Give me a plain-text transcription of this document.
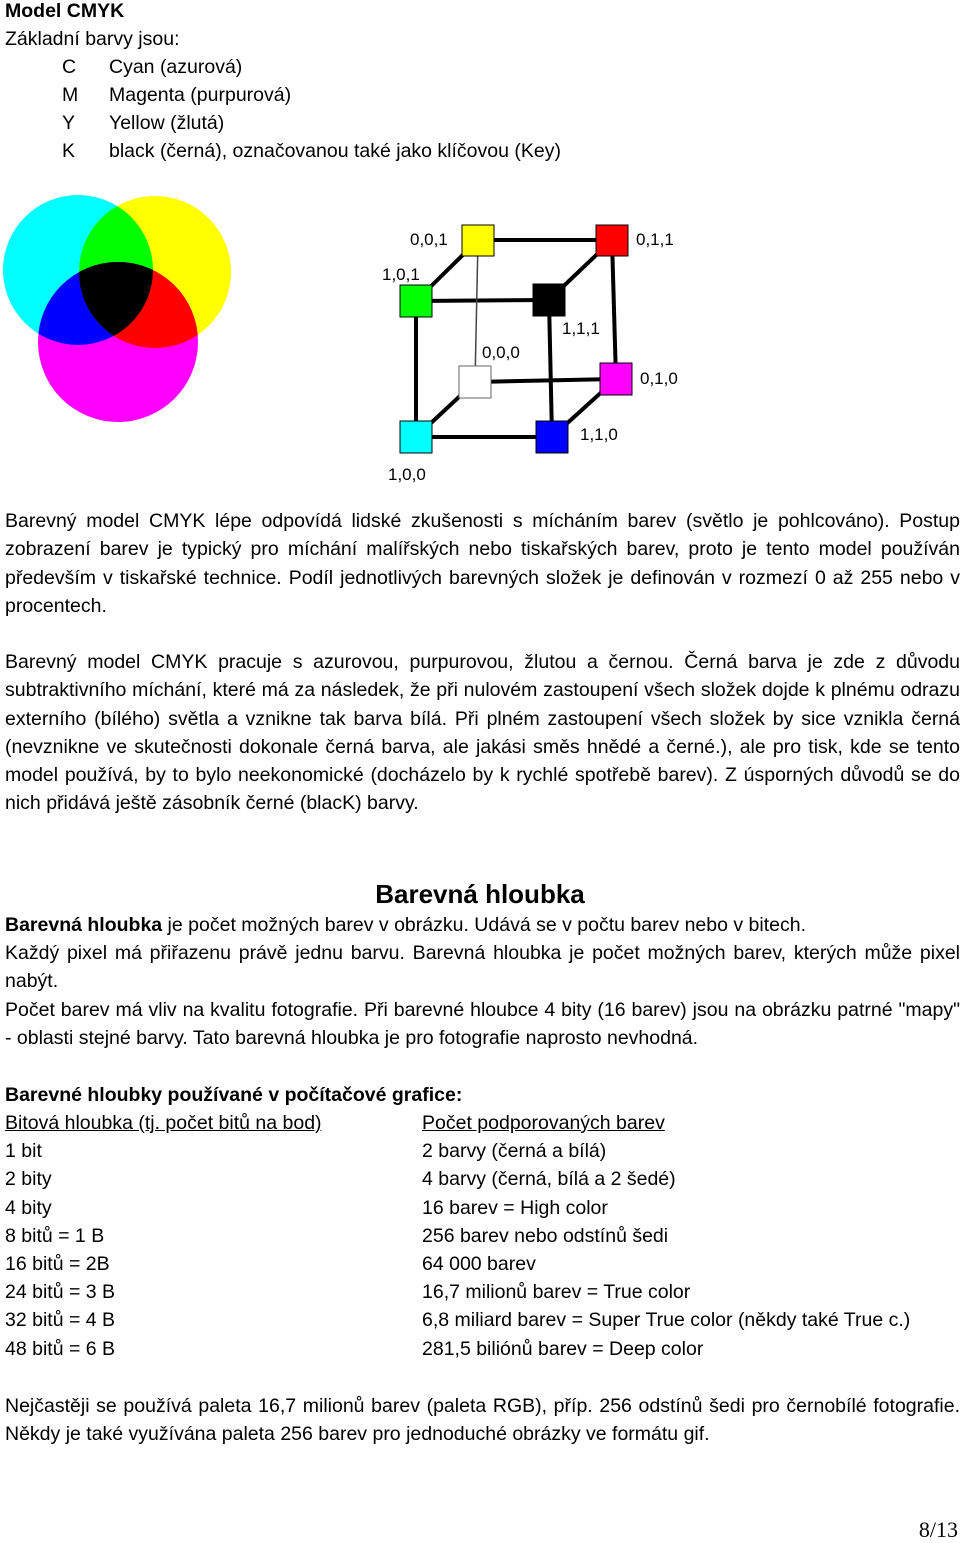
Model CMYK
Základní barvy jsou:
C Cyan (azurová)
M Magenta (purpurová)
Y Yellow (žlutá)
K black (černá), označovanou také jako klíčovou (Key)
0,0,1	0,1,1
1,0,1
1,1,1
0,0,0
0,1,0
1,0,0
1,1,0

Barevný model CMYK lépe odpovídá lidské zkušenosti s mícháním barev (světlo je pohlcováno). Postup zobrazení barev je typický pro míchání malířských nebo tiskařských barev, proto je tento model používán především v tiskařské technice. Podíl jednotlivých barevných složek je definován v rozmezí 0 až 255 nebo v procentech.

Barevný model CMYK pracuje s azurovou, purpurovou, žlutou a černou. Černá barva je zde z důvodu subtraktivního míchání, které má za následek, že při nulovém zastoupení všech složek dojde k plnému odrazu externího (bílého) světla a vznikne tak barva bílá. Při plném zastoupení všech složek by sice vznikla černá (nevznikne ve skutečnosti dokonale černá barva, ale jakási směs hnědé a černé.), ale pro tisk, kde se tento model používá, by to bylo neekonomické (docházelo by k rychlé spotřebě barev). Z úsporných důvodů se do nich přidává ještě zásobník černé (blacK) barvy.

Barevná hloubka

Barevná hloubka je počet možných barev v obrázku. Udává se v počtu barev nebo v bitech.

Každý pixel má přiřazenu právě jednu barvu. Barevná hloubka je počet možných barev, kterých může pixel nabýt.

Počet barev má vliv na kvalitu fotografie. Při barevné hloubce 4 bity (16 barev) jsou na obrázku patrné "mapy" - oblasti stejné barvy. Tato barevná hloubka je pro fotografie naprosto nevhodná.

Barevné hloubky používané v počítačové grafice:
Bitová hloubka (tj. počet bitů na bod)	Počet podporovaných barev
1 bit	2 barvy (černá a bílá)
2 bity	4 barvy (černá, bílá a 2 šedé)
4 bity	16 barev = High color
8 bitů = 1 B	256 barev nebo odstínů šedi
16 bitů = 2B	64 000 barev
24 bitů = 3 B	16,7 milionů barev = True color
32 bitů = 4 B	6,8 miliard barev = Super True color (někdy také True c.)
48 bitů = 6 B	281,5 biliónů barev = Deep color

Nejčastěji se používá paleta 16,7 milionů barev (paleta RGB), příp. 256 odstínů šedi pro černobílé fotografie. Někdy je také využívána paleta 256 barev pro jednoduché obrázky ve formátu gif.

8/13
